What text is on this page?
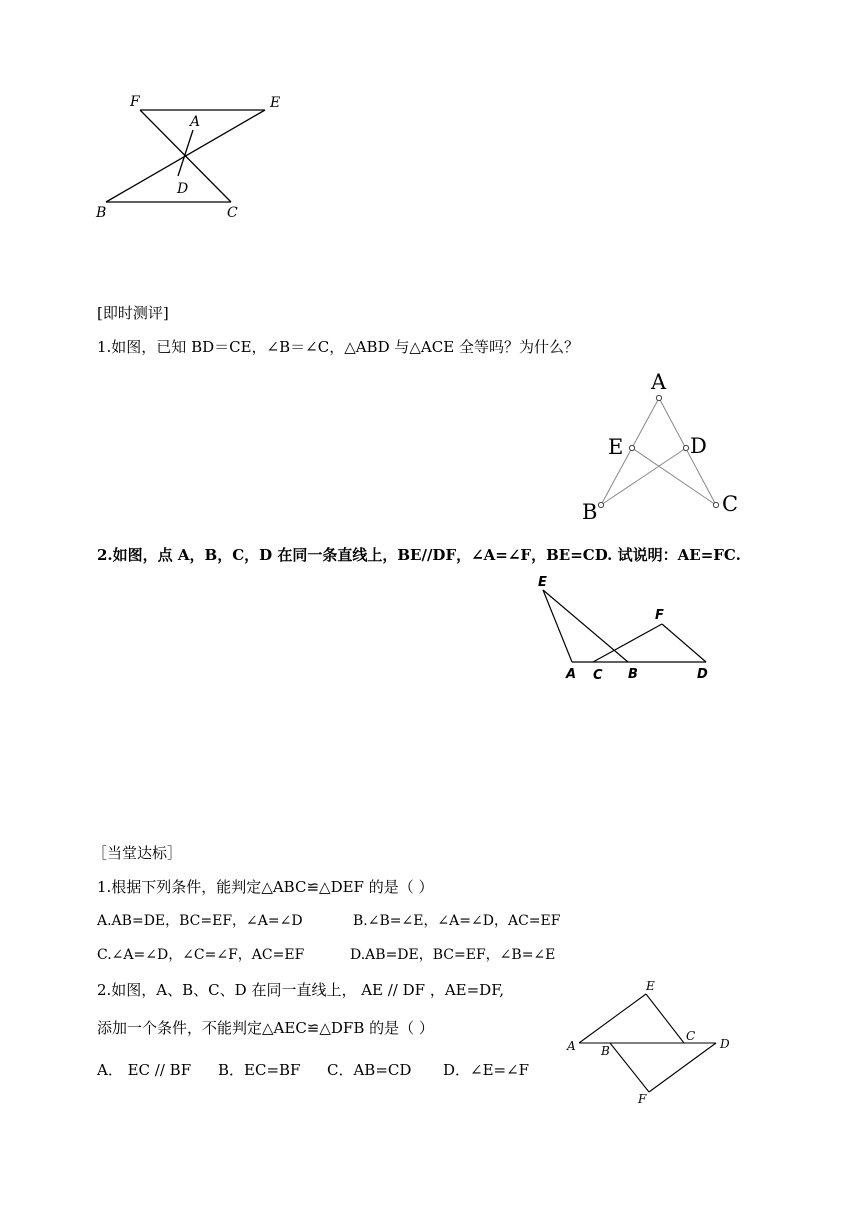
F	E
A
D
B	C
[即时测评]
1.如图，已知 BD＝CE，∠B＝∠C，△ABD 与△ACE 全等吗？为什么？
A
E	D
B	C
2.如图，点 A，B，C，D 在同一条直线上，BE//DF，∠A=∠F，BE=CD. 试说明：AE=FC.
E
F
A C B	D
［当堂达标］
1.根据下列条件，能判定△ABC≌△DEF 的是（ ）
A.AB=DE，BC=EF，∠A=∠D	B.∠B=∠E，∠A=∠D，AC=EF
C.∠A=∠D，∠C=∠F，AC=EF	D.AB=DE，BC=EF，∠B=∠E
2.如图，A、B、C、D 在同一直线上， AE // DF ，AE=DF,
添加一个条件，不能判定△AEC≌△DFB 的是（ ）
A． EC // BF B．EC=BF C．AB=CD D．∠E=∠F
E
A B
C
D
F
